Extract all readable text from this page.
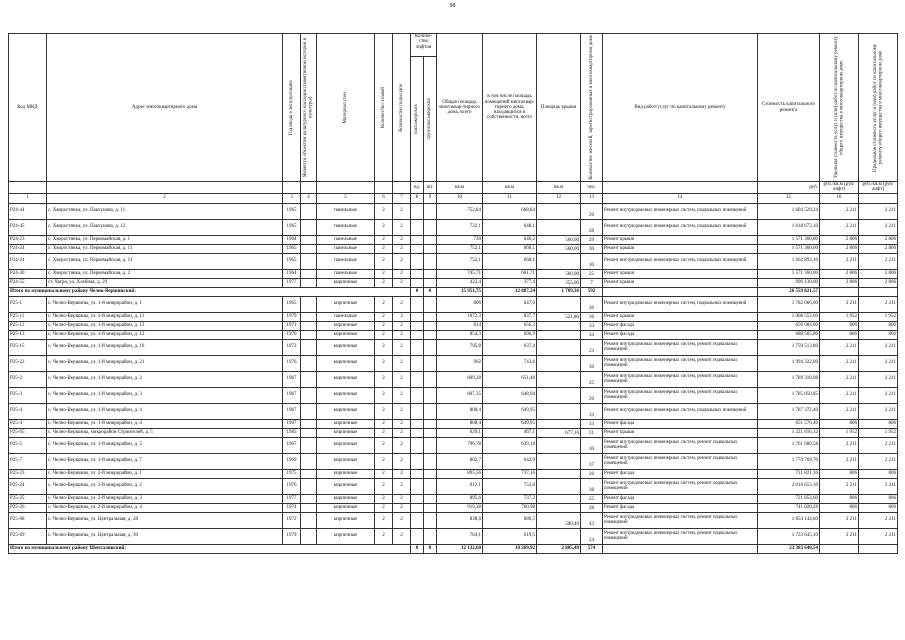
98
Код МКД	Адрес многоквартирного дома	Год ввода в эксплуатацию	Является объектом культурного наследия (памятником истории и культуры)	Материал стен	Количество этажей	Количество подъездов	Количе-ство лифтов		Общая площадь многоквар-тирного дома, всего	в том числе площадь помещений многоквар-тирного дома, находящихся в собственности, всего	Площадь крыши	Количество жителей, зарегистрированных в многоквартирном доме	Вид работ/услуг по капитальному ремонту	Стоимость капитального ремонта	Удельная стоимость услуг и (или) работ по капитальному ремонту общего имущества в многоквартирном доме	Предельная стоимость услуг и (или) работ по капитальному ремонту общего имущества в многоквартирном доме

							пассажирских	грузопассажирских								

							ед.	шт.	кв.м	кв.м	кв.м	чел.		руб.	руб./кв.м (руб/лифт)	руб./кв.м (руб/лифт)
1	2	3	4	5	6	7	8	9	10	11	12	13	14	15	16	
Р24-44	с. Хворостянка, ул. Пакчунова, д. 11	1965		панельные	2	2			752,84	668,84		26	Ремонт внутридомовых инженерных систем, подвальных помещений	1 604 529,24	2 211	2 211
Р24-45	с. Хворостянка, ул. Пакчунова, д. 12	1965		панельные	2	2			732,1	648,1		28	Ремонт внутридомовых инженерных систем, подвальных помещений	1 618 673,10	2 211	2 211
Р24-23	с. Хворостянка, ул. Первомайская, д. 1	1964		панельные	2	2			730	646,2	560,00	29	Ремонт крыши	1 571 360,00	2 806	2 806
Р24-24	с. Хворостянка, ул. Первомайская, д. 11	1965		панельные	2	2			752,1	668,1	560,00	30	Ремонт крыши	1 571 360,00	2 806	2 806
Р24-24	с. Хворостянка, ул. Первомайская, д. 11	1965		панельные	2	2			752,1	668,1		30	Ремонт внутридомовых инженерных систем, подвальных помещений	1 662 893,10	2 211	2 211
Р24-30	с. Хворостянка, ул. Первомайская, д. 2	1964		панельные	2	2			745,71	661,71	560,00	25	Ремонт крыши	1 571 360,00	2 806	2 806
Р24-55	ст. Чагра, ул. Хлебная, д. 29	1977		кирпичные	2	2			423,4	377,4	355,00	7	Ремонт крыши	996 130,00	2 806	2 806
Итого по муниципальному району Челно-Вершинский:							0	0	15 951,75	12 887,24	1 789,36	592		26 559 821,57		
Р25-1	с. Челно-Вершины, ул. 1-й микрорайон, д. 1	1965		кирпичные	2	2			806	647,6		36	Ремонт внутридомовых инженерных систем, подвальных помещений	1 782 066,00	2 211	2 211
Р25-11	с. Челно-Вершины, ул. 1-й микрорайон, д. 11	1979		панельные	2	3			1072,3	837,7	521,80	36	Ремонт крыши	1 008 553,60	1 952	1 952
Р25-12	с. Челно-Вершины, ул. 1-й микрорайон, д. 12	1971		кирпичные	2	2			814	656,3		33	Ремонт фасада	656 084,00	806	806
Р25-13	с. Челно-Вершины, ул. 1-й микрорайон, д. 13	1970		кирпичные	2	2			854,3	696,9		34	Ремонт фасада	688 565,80	806	806
Р25-15	с. Челно-Вершины, ул. 1-й микрорайон, д. 16	1972		кирпичные	2	2			795,8	637,4		23	Ремонт внутридомовых инженерных систем, ремонт подвальных помещений	1 759 513,80	2 211	2 211
Р25-22	с. Челно-Вершины, ул. 1-й микрорайон, д. 21	1976		кирпичные	2	2			902	743,6		36	Ремонт внутридомовых инженерных систем, ремонт подвальных помещений	1 994 322,00	2 211	2 211
Р25-2	с. Челно-Вершины, ул. 1-й микрорайон, д. 2	1967		кирпичные	2	2			809,28	651,48		25	Ремонт внутридомовых инженерных систем, ремонт подвальных помещений	1 789 318,08	2 211	2 211
Р25-3	с. Челно-Вершины, ул. 1-й микрорайон, д. 3	1967		кирпичные	2	2			807,35	648,94		26	Ремонт внутридомовых инженерных систем, ремонт подвальных помещений	1 785 050,85	2 211	2 211
Р25-4	с. Челно-Вершины, ул. 1-й микрорайон, д. 4	1967		кирпичные	2	2			808,4	649,95		33	Ремонт внутридомовых инженерных систем, подвальных помещений	1 787 372,40	2 211	2 211
Р25-4	с. Челно-Вершины, ул. 1-й микрорайон, д. 4	1967		кирпичные	2	2			808,4	649,95		33	Ремонт фасада	651 570,40	806	806
Р25-65	с. Челно-Вершины, микрорайон Строителей, д. 5	1985		кирпичные	2	2			629,1	467,1	677,16	31	Ремонт крыши	1 321 816,32	1 952	1 952
Р25-5	с. Челно-Вершины, ул. 1-й микрорайон, д. 5	1967		кирпичные	2	2			796,78	639,18		30	Ремонт внутридомовых инженерных систем, ремонт подвальных помещений	1 761 680,58	2 211	2 211
Р25-7	с. Челно-Вершины, ул. 1-й микрорайон, д. 7	1969		кирпичные	2	2			802,7	642,9		37	Ремонт внутридомовых инженерных систем, ремонт подвальных помещений	1 774 769,70	2 211	2 211
Р25-23	с. Челно-Вершины, ул. 2-й микрорайон, д. 1	1975		кирпичные	2	2			895,56	737,16		26	Ремонт фасада	721 821,36	806	806
Р25-24	с. Челно-Вершины, ул. 2-й микрорайон, д. 2	1976		кирпичные	2	2			912,1	752,8		38	Ремонт внутридомовых инженерных систем, ремонт подвальных помещений	2 016 653,10	2 211	2 211
Р25-25	с. Челно-Вершины, ул. 2-й микрорайон, д. 3	1977		кирпичные	2	2			895,6	737,2		25	Ремонт фасада	721 853,60	806	806
Р25-26	с. Челно-Вершины, ул. 2-й микрорайон, д. 4	1974		кирпичные	2	2			919,38	760,98		28	Ремонт фасада	741 020,28	806	806
Р25-68	с. Челно-Вершины, ул. Центральная, д. 28	1972		кирпичные	2	2			838,6	680,5	590,40	43	Ремонт внутридомовых инженерных систем, ремонт подвальных помещений	1 854 144,60	2 211	2 211
Р25-69	с. Челно-Вершины, ул. Центральная, д. 30	1979		кирпичные	2	2			784,1	619,5		24	Ремонт внутридомовых инженерных систем, ремонт подвальных помещений	1 733 645,10	2 211	2 211
Итого по муниципальному району Шенталинский:							0	0	12 132,60	10 269,92	2 805,49	574		23 383 648,54		
